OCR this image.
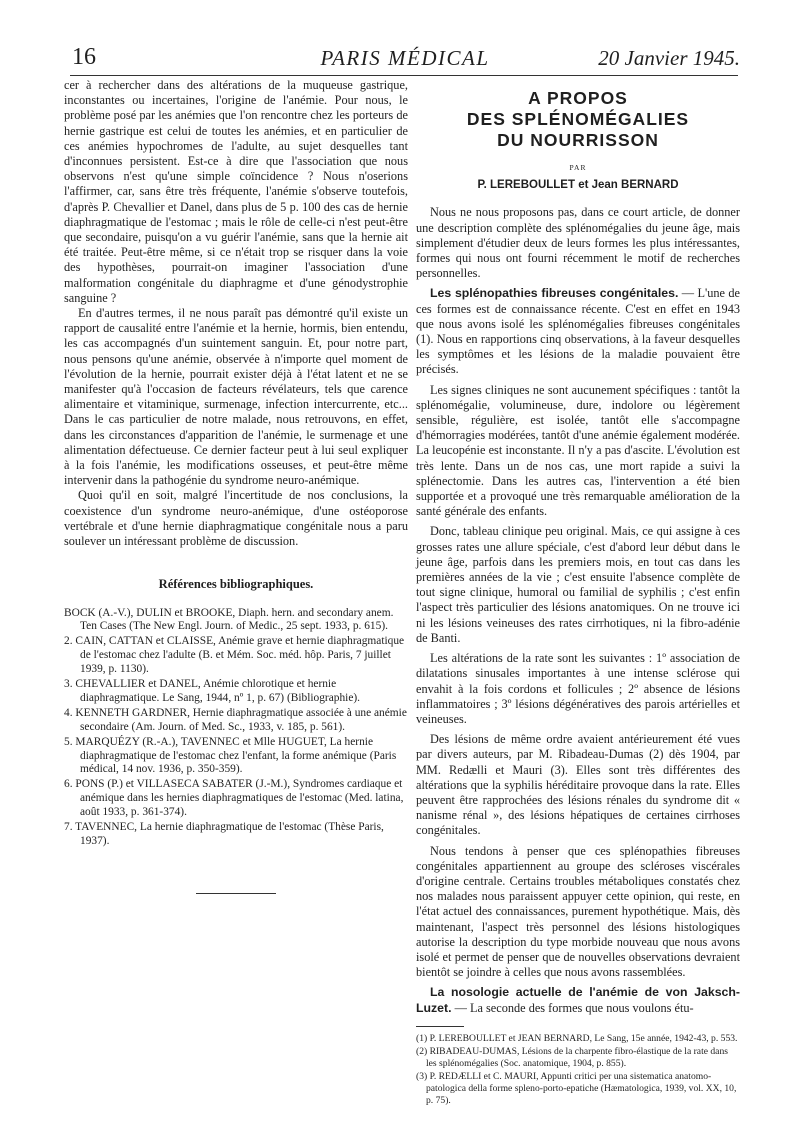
16	PARIS MÉDICAL	20 Janvier 1945.

cer à rechercher dans des altérations de la muqueuse gastrique, inconstantes ou incertaines, l'origine de l'anémie. Pour nous, le problème posé par les anémies que l'on rencontre chez les porteurs de hernie gastrique est celui de toutes les anémies, et en particulier de ces anémies hypochromes de l'adulte, au sujet desquelles tant d'inconnues persistent. Est-ce à dire que l'association que nous observons n'est qu'une simple coïncidence ? Nous n'oserions l'affirmer, car, sans être très fréquente, l'anémie s'observe toutefois, d'après P. Chevallier et Danel, dans plus de 5 p. 100 des cas de hernie diaphragmatique de l'estomac ; mais le rôle de celle-ci n'est peut-être que secondaire, puisqu'on a vu guérir l'anémie, sans que la hernie ait été traitée. Peut-être même, si ce n'était trop se risquer dans la voie des hypothèses, pourrait-on imaginer l'association d'une malformation congénitale du diaphragme et d'une génodystrophie sanguine ?

En d'autres termes, il ne nous paraît pas démontré qu'il existe un rapport de causalité entre l'anémie et la hernie, hormis, bien entendu, les cas accompagnés d'un suintement sanguin. Et, pour notre part, nous pensons qu'une anémie, observée à n'importe quel moment de l'évolution de la hernie, pourrait exister déjà à l'état latent et ne se manifester qu'à l'occasion de facteurs révélateurs, tels que carence alimentaire et vitaminique, surmenage, infection intercurrente, etc... Dans le cas particulier de notre malade, nous retrouvons, en effet, dans les circonstances d'apparition de l'anémie, le surmenage et une alimentation défectueuse. Ce dernier facteur peut à lui seul expliquer à la fois l'anémie, les modifications osseuses, et peut-être même intervenir dans la pathogénie du syndrome neuro-anémique.

Quoi qu'il en soit, malgré l'incertitude de nos conclusions, la coexistence d'un syndrome neuro-anémique, d'une ostéoporose vertébrale et d'une hernie diaphragmatique congénitale nous a paru soulever un intéressant problème de discussion.

Références bibliographiques.
BOCK (A.-V.), DULIN et BROOKE, Diaph. hern. and secondary anem. Ten Cases (The New Engl. Journ. of Medic., 25 sept. 1933, p. 615).
2. CAIN, CATTAN et CLAISSE, Anémie grave et hernie diaphragmatique de l'estomac chez l'adulte (B. et Mém. Soc. méd. hôp. Paris, 7 juillet 1939, p. 1130).
3. CHEVALLIER et DANEL, Anémie chlorotique et hernie diaphragmatique. Le Sang, 1944, nº 1, p. 67) (Bibliographie).
4. KENNETH GARDNER, Hernie diaphragmatique associée à une anémie secondaire (Am. Journ. of Med. Sc., 1933, v. 185, p. 561).
5. MARQUÉZY (R.-A.), TAVENNEC et Mlle HUGUET, La hernie diaphragmatique de l'estomac chez l'enfant, la forme anémique (Paris médical, 14 nov. 1936, p. 350-359).
6. PONS (P.) et VILLASECA SABATER (J.-M.), Syndromes cardiaque et anémique dans les hernies diaphragmatiques de l'estomac (Med. latina, août 1933, p. 361-374).
7. TAVENNEC, La hernie diaphragmatique de l'estomac (Thèse Paris, 1937).
A PROPOS
DES SPLÉNOMÉGALIES
DU NOURRISSON
PAR
P. LEREBOULLET et Jean BERNARD

Nous ne nous proposons pas, dans ce court article, de donner une description complète des splénomégalies du jeune âge, mais simplement d'étudier deux de leurs formes les plus intéressantes, formes qui nous ont fourni récemment le motif de recherches personnelles.

Les splénopathies fibreuses congénitales. — L'une de ces formes est de connaissance récente. C'est en effet en 1943 que nous avons isolé les splénomégalies fibreuses congénitales (1). Nous en rapportions cinq observations, à la faveur desquelles les symptômes et les lésions de la maladie pouvaient être précisés.

Les signes cliniques ne sont aucunement spécifiques : tantôt la splénomégalie, volumineuse, dure, indolore ou légèrement sensible, régulière, est isolée, tantôt elle s'accompagne d'hémorragies modérées, tantôt d'une anémie également modérée. La leucopénie est inconstante. Il n'y a pas d'ascite. L'évolution est très lente. Dans un de nos cas, une mort rapide a suivi la splénectomie. Dans les autres cas, l'intervention a été bien supportée et a provoqué une très remarquable amélioration de la santé générale des enfants.

Donc, tableau clinique peu original. Mais, ce qui assigne à ces grosses rates une allure spéciale, c'est d'abord leur début dans le jeune âge, parfois dans les premiers mois, en tout cas dans les premières années de la vie ; c'est ensuite l'absence complète de tout signe clinique, humoral ou familial de syphilis ; c'est enfin l'aspect très particulier des lésions anatomiques. On ne trouve ici ni les lésions veineuses des rates cirrhotiques, ni la fibro-adénie de Banti.

Les altérations de la rate sont les suivantes : 1º association de dilatations sinusales importantes à une intense sclérose qui envahit à la fois cordons et follicules ; 2º absence de lésions inflammatoires ; 3º lésions dégénératives des parois artérielles et veineuses.

Des lésions de même ordre avaient antérieurement été vues par divers auteurs, par M. Ribadeau-Dumas (2) dès 1904, par MM. Redælli et Mauri (3). Elles sont très différentes des altérations que la syphilis héréditaire provoque dans la rate. Elles peuvent être rapprochées des lésions rénales du syndrome dit « nanisme rénal », des lésions hépatiques de certaines cirrhoses congénitales.

Nous tendons à penser que ces splénopathies fibreuses congénitales appartiennent au groupe des scléroses viscérales d'origine centrale. Certains troubles métaboliques constatés chez nos malades nous paraissent appuyer cette opinion, qui reste, en l'état actuel des connaissances, purement hypothétique. Mais, dès maintenant, l'aspect très personnel des lésions histologiques autorise la description du type morbide nouveau que nous avons isolé et permet de penser que de nouvelles observations devraient bientôt se joindre à celles que nous avons rassemblées.

La nosologie actuelle de l'anémie de von Jaksch-Luzet. — La seconde des formes que nous voulons étu-

(1) P. LEREBOULLET et JEAN BERNARD, Le Sang, 15e année, 1942-43, p. 553.
(2) RIBADEAU-DUMAS, Lésions de la charpente fibro-élastique de la rate dans les splénomégalies (Soc. anatomique, 1904, p. 855).
(3) P. REDÆLLI et C. MAURI, Appunti critici per una sistematica anatomo-patologica della forme spleno-porto-epatiche (Hæmatologica, 1939, vol. XX, 10, p. 75).
